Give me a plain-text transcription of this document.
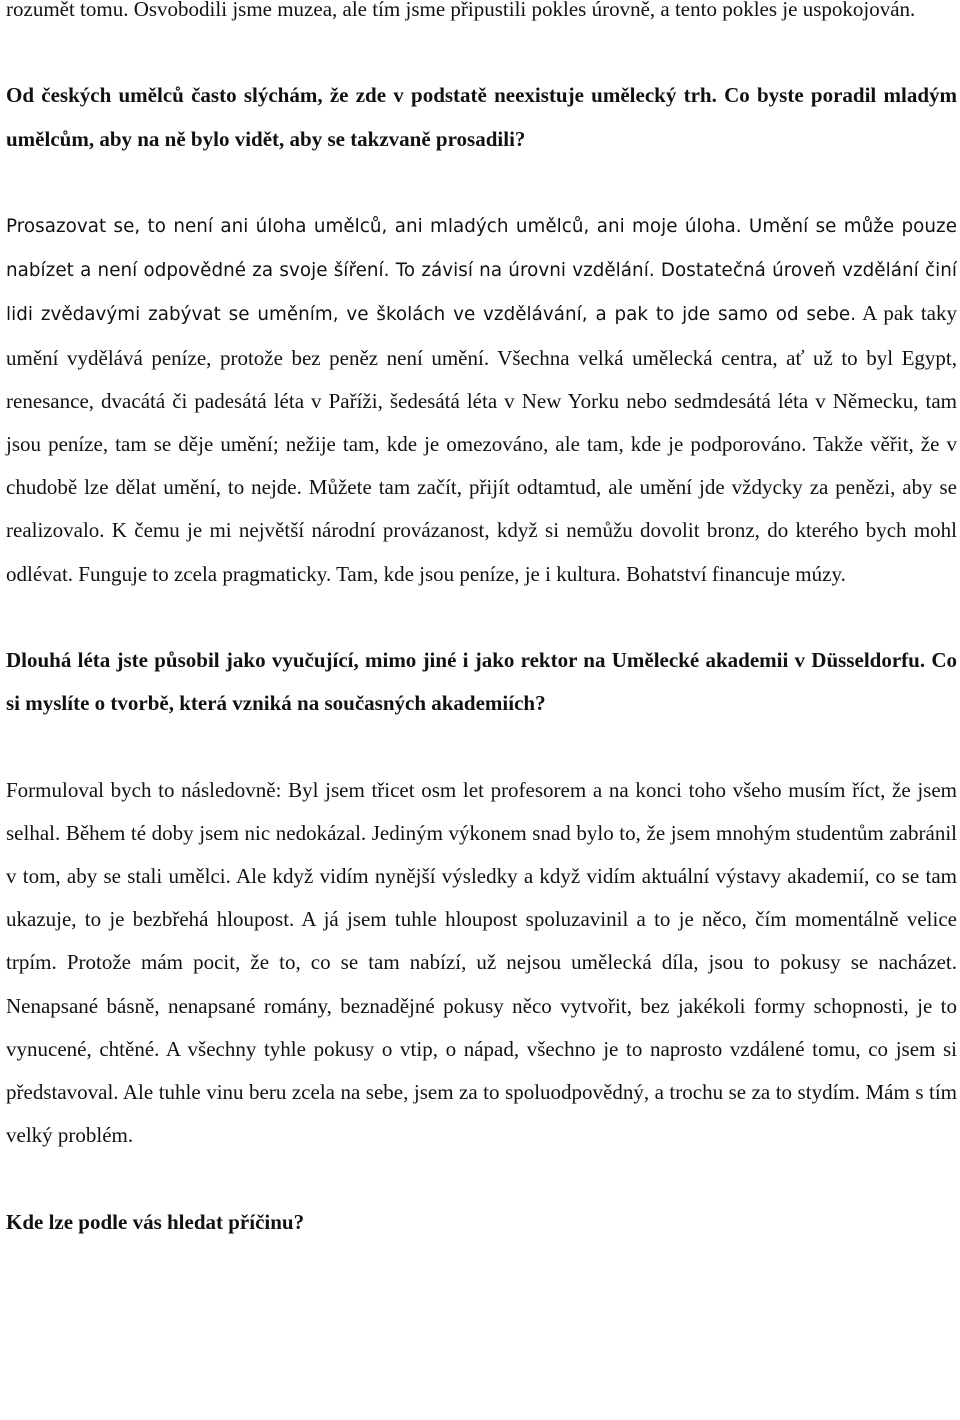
rozumět tomu. Osvobodili jsme muzea, ale tím jsme připustili pokles úrovně, a tento pokles je uspokojován.

Od českých umělců často slýchám, že zde v podstatě neexistuje umělecký trh. Co byste poradil mladým umělcům, aby na ně bylo vidět, aby se takzvaně prosadili?

Prosazovat se, to není ani úloha umělců, ani mladých umělců, ani moje úloha. Umění se může pouze nabízet a není odpovědné za svoje šíření. To závisí na úrovni vzdělání. Dostatečná úroveň vzdělání činí lidi zvědavými zabývat se uměním, ve školách ve vzdělávání, a pak to jde samo od sebe. A pak taky umění vydělává peníze, protože bez peněz není umění. Všechna velká umělecká centra, ať už to byl Egypt, renesance, dvacátá či padesátá léta v Paříži, šedesátá léta v New Yorku nebo sedmdesátá léta v Německu, tam jsou peníze, tam se děje umění; nežije tam, kde je omezováno, ale tam, kde je podporováno. Takže věřit, že v chudobě lze dělat umění, to nejde. Můžete tam začít, přijít odtamtud, ale umění jde vždycky za penězi, aby se realizovalo. K čemu je mi největší národní provázanost, když si nemůžu dovolit bronz, do kterého bych mohl odlévat. Funguje to zcela pragmaticky. Tam, kde jsou peníze, je i kultura. Bohatství financuje múzy.

Dlouhá léta jste působil jako vyučující, mimo jiné i jako rektor na Umělecké akademii v Düsseldorfu. Co si myslíte o tvorbě, která vzniká na současných akademiích?

Formuloval bych to následovně: Byl jsem třicet osm let profesorem a na konci toho všeho musím říct, že jsem selhal. Během té doby jsem nic nedokázal. Jediným výkonem snad bylo to, že jsem mnohým studentům zabránil v tom, aby se stali umělci. Ale když vidím nynější výsledky a když vidím aktuální výstavy akademií, co se tam ukazuje, to je bezbřehá hloupost. A já jsem tuhle hloupost spoluzavinil a to je něco, čím momentálně velice trpím. Protože mám pocit, že to, co se tam nabízí, už nejsou umělecká díla, jsou to pokusy se nacházet. Nenapsané básně, nenapsané romány, beznadějné pokusy něco vytvořit, bez jakékoli formy schopnosti, je to vynucené, chtěné. A všechny tyhle pokusy o vtip, o nápad, všechno je to naprosto vzdálené tomu, co jsem si představoval. Ale tuhle vinu beru zcela na sebe, jsem za to spoluodpovědný, a trochu se za to stydím. Mám s tím velký problém.

Kde lze podle vás hledat příčinu?
